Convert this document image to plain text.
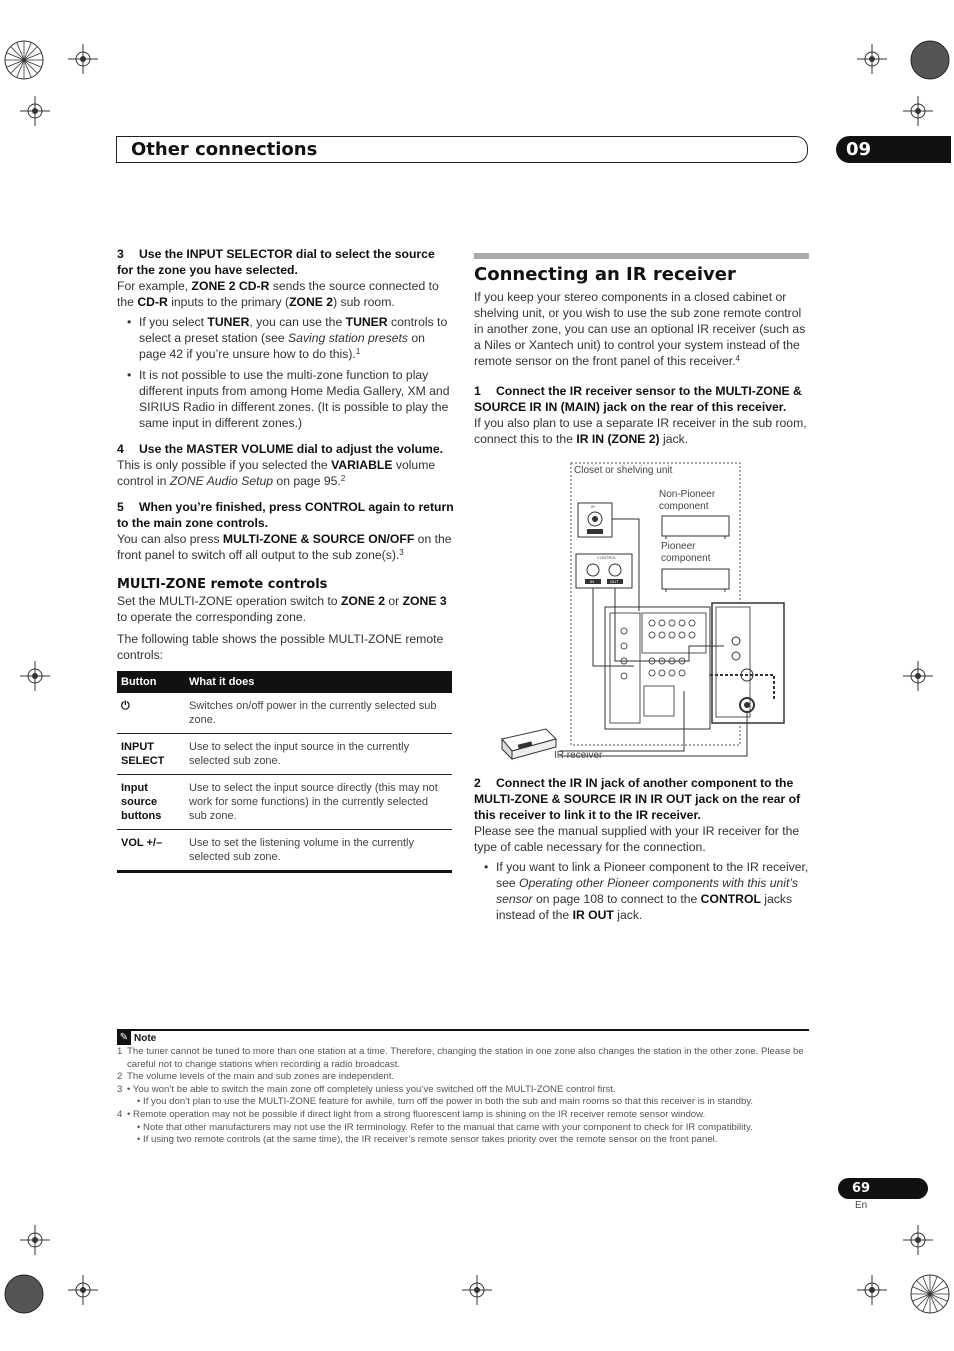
Other connections	09

3 Use the INPUT SELECTOR dial to select the source for the zone you have selected.

For example, ZONE 2 CD-R sends the source connected to the CD-R inputs to the primary (ZONE 2) sub room.

• If you select TUNER, you can use the TUNER controls to select a preset station (see Saving station presets on page 42 if you’re unsure how to do this).$^1$
• It is not possible to use the multi-zone function to play different inputs from among Home Media Gallery, XM and SIRIUS Radio in different zones. (It is possible to play the same input in different zones.)

4 Use the MASTER VOLUME dial to adjust the volume.

This is only possible if you selected the VARIABLE volume control in ZONE Audio Setup on page 95.$^2$

5 When you’re finished, press CONTROL again to return to the main zone controls.

You can also press MULTI-ZONE & SOURCE ON/OFF on the front panel to switch off all output to the sub zone(s).$^3$

MULTI-ZONE remote controls

Set the MULTI-ZONE operation switch to ZONE 2 or ZONE 3 to operate the corresponding zone.

The following table shows the possible MULTI-ZONE remote controls:

Button	What it does
⏻	Switches on/off power in the currently selected sub zone.
INPUT SELECT	Use to select the input source in the currently selected sub zone.
Input source buttons	Use to select the input source directly (this may not work for some functions) in the currently selected sub zone.
VOL +/–	Use to set the listening volume in the currently selected sub zone.

Connecting an IR receiver

If you keep your stereo components in a closed cabinet or shelving unit, or you wish to use the sub zone remote control in another zone, you can use an optional IR receiver (such as a Niles or Xantech unit) to control your system instead of the remote sensor on the front panel of this receiver.$^4$

1 Connect the IR receiver sensor to the MULTI-ZONE & SOURCE IR IN (MAIN) jack on the rear of this receiver.

If you also plan to use a separate IR receiver in the sub room, connect this to the IR IN (ZONE 2) jack.

Closet or shelving unit
Non-Pioneer component
Pioneer component
IR receiver
IR
CONTROL
IN	OUT

2 Connect the IR IN jack of another component to the MULTI-ZONE & SOURCE IR IN IR OUT jack on the rear of this receiver to link it to the IR receiver.

Please see the manual supplied with your IR receiver for the type of cable necessary for the connection.

• If you want to link a Pioneer component to the IR receiver, see Operating other Pioneer components with this unit’s sensor on page 108 to connect to the CONTROL jacks instead of the IR OUT jack.
✎ Note
1 The tuner cannot be tuned to more than one station at a time. Therefore, changing the station in one zone also changes the station in the other zone. Please be careful not to change stations when recording a radio broadcast.
2 The volume levels of the main and sub zones are independent.
3 • You won’t be able to switch the main zone off completely unless you’ve switched off the MULTI-ZONE control first.
• If you don’t plan to use the MULTI-ZONE feature for awhile, turn off the power in both the sub and main rooms so that this receiver is in standby.
4 • Remote operation may not be possible if direct light from a strong fluorescent lamp is shining on the IR receiver remote sensor window.
• Note that other manufacturers may not use the IR terminology. Refer to the manual that came with your component to check for IR compatibility.
• If using two remote controls (at the same time), the IR receiver’s remote sensor takes priority over the remote sensor on the front panel.
69
En
